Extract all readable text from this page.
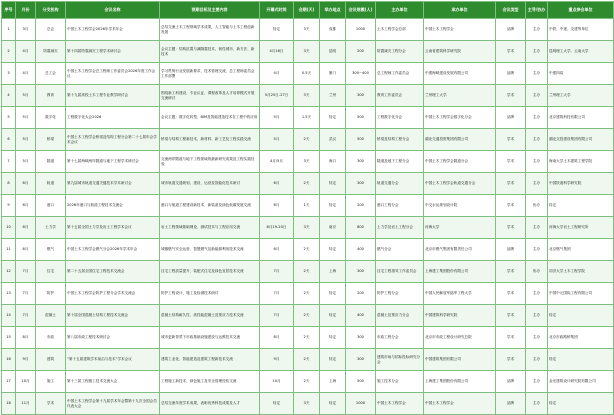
序号	月份	分支机构	会议名称	预期目标及主要内容	开幕式时间	会期(天)	举办地点	会议规模(人)	主办单位	承办单位	会议类型	主导/协办	重点参会单位
1	3月	总会	中国土木工程学会2026年学术年会	总结交流土木工程领域学术成果，人工智能与土木工程创新发展	待定	3天	成都	1000	土木工程学会总部	中国土木工程学会	品牌	主办	中铁、中建、交建等单位
2	4月	防震减灾	第十四届防震减灾工程学术研讨会	会议主题：结构抗震与减隔震技术，韧性城市，新方法、新技术	4月16日	3天	昆明	200	防震减灾工程分会	云南省建筑科学研究院	学术	主办	昆明理工大学、云南大学
3	4月	总工会	中国土木工程学会总工程师工作委员会2026年度工作会议	学习贯彻行业发展新要求，技术管理交流，总工程师委员会工作部署	4月	0.5天	厦门	300~400	总工程师工作委员会	中建海峡建设发展有限公司	品牌	主办	中建四局
4	5月	教育	第十九届高校土木工程专业教学研讨会	围绕新工科建设、专业认证、课程改革及人才培养模式开展交流研讨	5月25日-27日	3天	兰州	300	教育工作委员会	兰州理工大学	学术	主办	兰州理工大学
5	5月	数字化	工程数字化大会2026	会议主题：数字化转型，BIM及智能建造技术在工程中的应用	5月	1.5天	待定	500	工程数字化分会	中国土木工程学会数字化分会	品牌	主办	北京建筑科技有限公司
6	5月	桥梁	中国土木工程学会桥梁及结构工程分会第二十七届年会学术会议	桥梁与结构工程新技术、新材料、新工艺及工程实践交流	5月	2天	武汉	500	桥梁及结构工程分会	湖北交通投资集团有限公司	学术	主办	湖北交投建设集团有限公司
7	5月	隧道	第十七届海峡两岸隧道与地下工程学术研讨会	交流两岸隧道与地下工程领域的最新研究成果及工程实践经验	4月/5月	3天	海口	300	隧道及地下工程分会	中国土木工程学会隧道分会	学术	主办	海南大学土木建筑工程学院
8	6月	轨道	第九届城市轨道交通关键技术学术研讨会	城市轨道交通规划、建设、运营及智能化技术研讨	6月	2天	待定	300	轨道交通分会	中国土木工程学会轨道交通分会	学术	主办	中国铁道科学研究院
9	6月	港口	2026年港口与航道工程技术交流会	港口与航道工程建设新技术、新装备及绿色低碳发展交流	6月	1天	待定	200	港口工程分会	中交水运规划设计院	学术	协办	待定
10	6月	土力学	第十五届全国土力学及岩土工程学术会议	岩土工程领域基础理论、测试技术与工程应用交流	6月19-20日	3天	南京	800	土力学及岩土工程分会	河海大学	学术	主办	河海大学岩土工程研究所
11	6月	燃气	中国土木工程学会燃气分会2026年学术年会	城镇燃气安全运营、智慧燃气及新能源利用技术交流	6月	2天	待定	400	燃气分会	北京市燃气集团有限责任公司	品牌	主办	北京燃气集团
12	7月	住宅	第二十五届全国住宅工程技术交流会	住宅工程质量提升、装配式住宅及绿色宜居技术交流	7月	2天	上海	300	住宅工程指导工作委员会	上海建工集团股份有限公司	学术	协办	同济大学土木工程学院
13	7月	防护	中国土木工程学会防护工程分会学术交流会	防护工程设计、施工及检测技术研讨	7月	2天	待定	200	防护工程分会	中国人民解放军陆军工程大学	学术	主办	中国中元国际工程有限公司
14	7月	混凝土	第十届全国混凝土结构工程技术交流会	混凝土结构耐久性、高性能混凝土及预应力技术交流	7月	2天	待定	400	混凝土及预应力分会	中国建筑科学研究院	学术	主办	待定
15	8月	市政	第八届市政工程技术研讨会	城市更新背景下市政基础设施建设与运维技术交流	8月	2天	待定	300	市政工程分会	北京市市政工程设计研究总院	学术	主办	北京市政路桥集团
16	9月	建筑	“第十五届建筑学术前沿与技术”学术会议	建筑工业化、智能建造及建筑工程新技术交流	9月	2天	待定	300	建筑市场与招标投标研究分会	中国建筑集团有限公司	学术	主办	待定
17	10月	施工	第十三届工程施工技术交流大会	工程施工新技术、绿色施工及安全管理经验交流	10月	2天	上海	500	施工技术分会	上海建工集团股份有限公司	品牌	主办	金光建筑设计研究院有限公司
18	11月	学术	中国土木工程学会第十九届学术年会暨第十九次全国会员代表大会	总结交流年度学术成果，表彰优秀科技成果及人才	待定	3天	待定	1000	中国土木工程学会	中国土木工程学会	品牌	主办	待定
